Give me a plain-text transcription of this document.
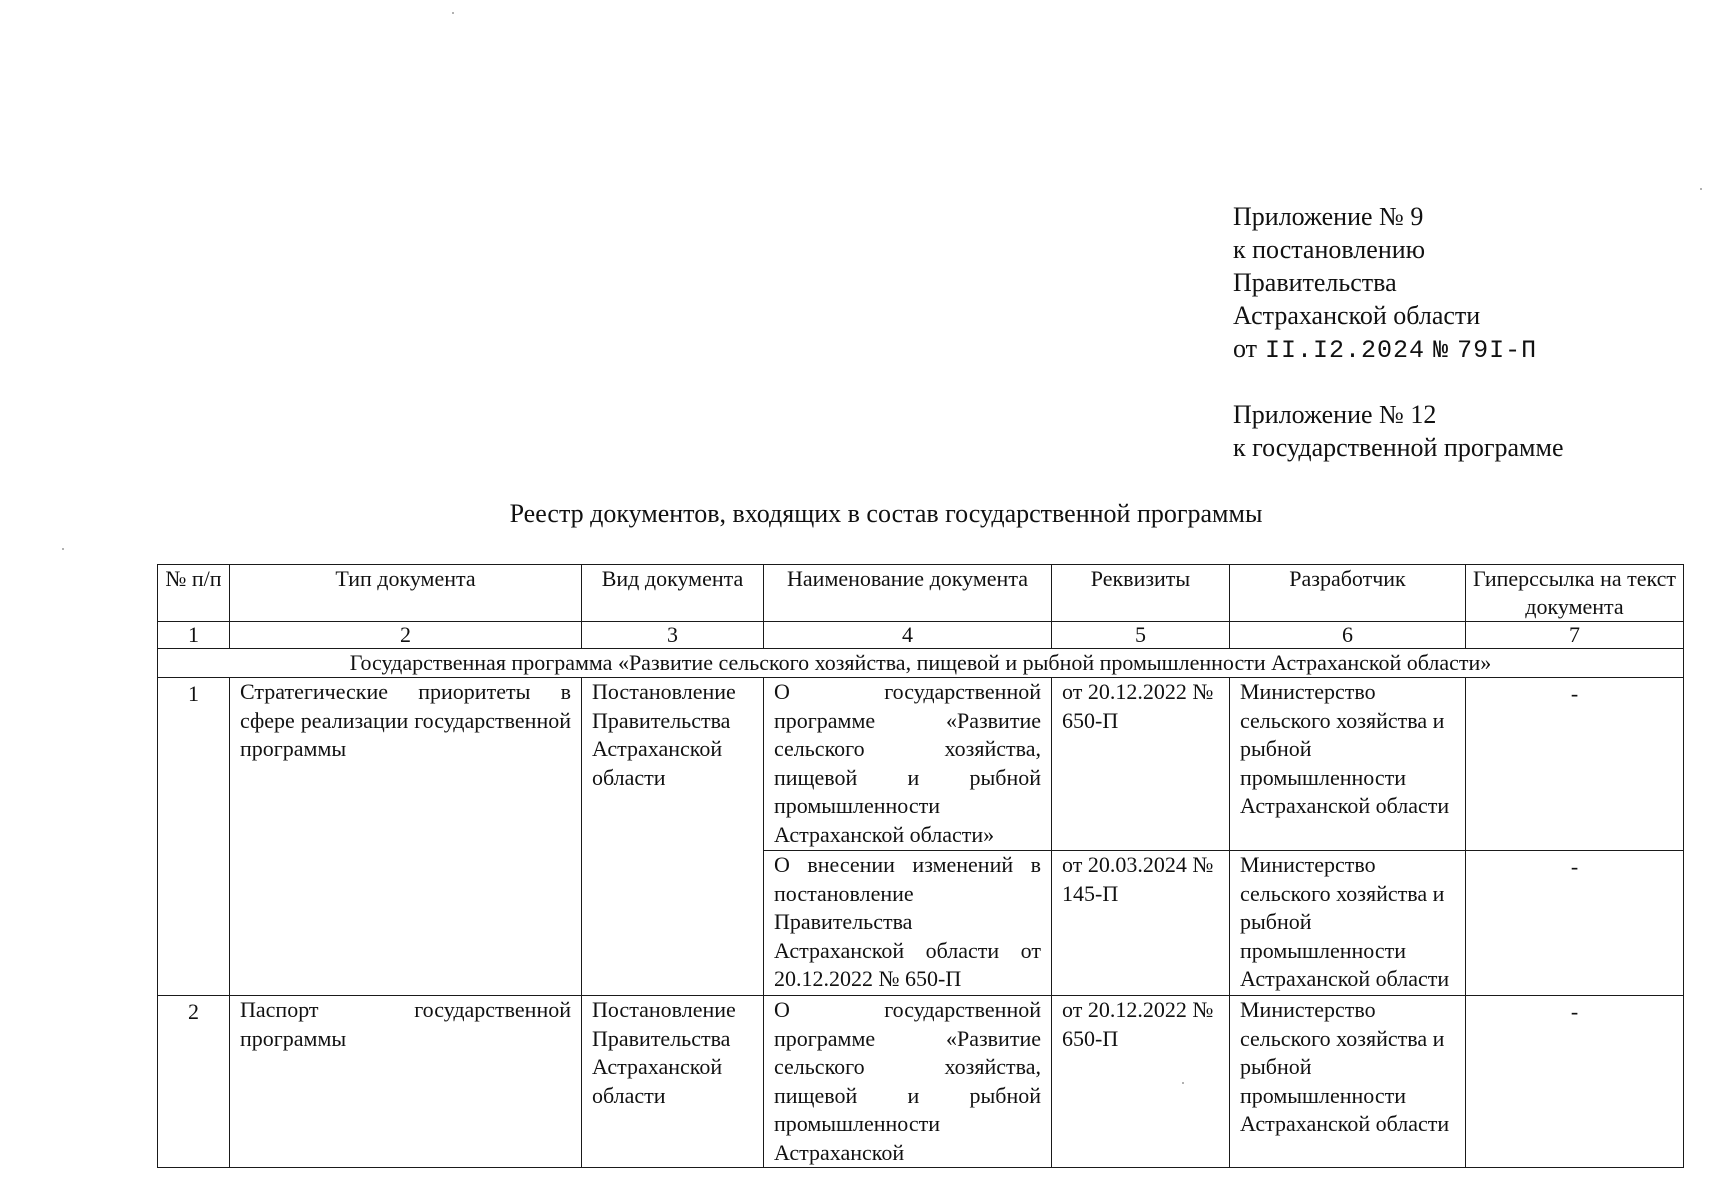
Приложение № 9
к постановлению
Правительства
Астраханской области
от II.I2.2024 № 79I-П
Приложение № 12
к государственной программе
Реестр документов, входящих в состав государственной программы
№ п/п	Тип документа	Вид документа	Наименование документа	Реквизиты	Разработчик	Гиперссылка на текст документа
1	2	3	4	5	6	7
Государственная программа «Развитие сельского хозяйства, пищевой и рыбной промышленности Астраханской области»						
1	Стратегические приоритеты в сфере реализации государственной программы	Постановление Правительства Астраханской области	О государственной программе «Развитие сельского хозяйства, пищевой и рыбной промышленности Астраханской области»	от 20.12.2022 № 650-П	Министерство сельского хозяйства и рыбной промышленности Астраханской области	-
			О внесении изменений в постановление Правительства Астраханской области от 20.12.2022 № 650-П	от 20.03.2024 № 145-П	Министерство сельского хозяйства и рыбной промышленности Астраханской области	-
2	Паспорт государственной программы	Постановление Правительства Астраханской области	О государственной программе «Развитие сельского хозяйства, пищевой и рыбной промышленности Астраханской	от 20.12.2022 № 650-П	Министерство сельского хозяйства и рыбной промышленности Астраханской области	-
